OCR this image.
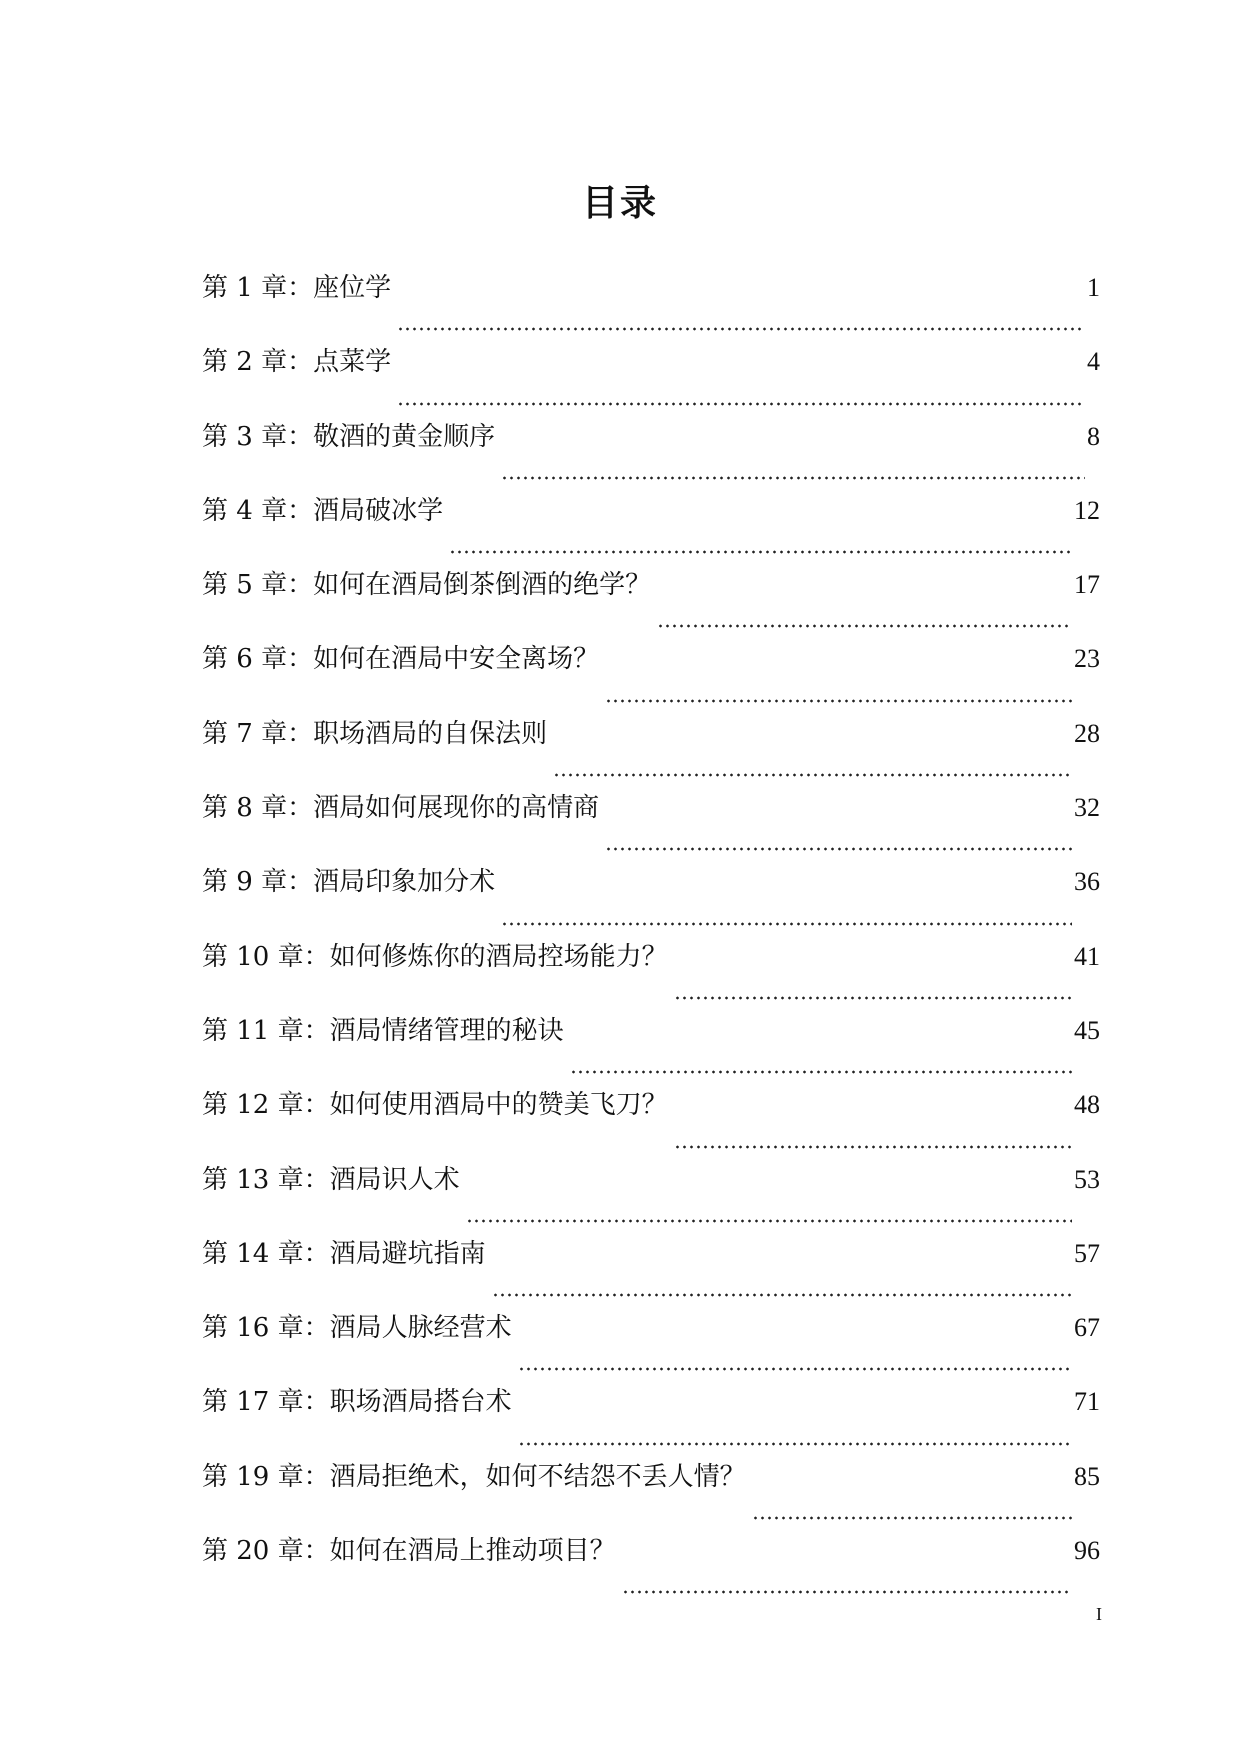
目录
第 1 章： 座位学	1
第 2 章： 点菜学	4
第 3 章： 敬酒的黄金顺序	8
第 4 章： 酒局破冰学	12
第 5 章： 如何在酒局倒茶倒酒的绝学？	17
第 6 章： 如何在酒局中安全离场？	23
第 7 章： 职场酒局的自保法则	28
第 8 章： 酒局如何展现你的高情商	32
第 9 章： 酒局印象加分术	36
第 10 章： 如何修炼你的酒局控场能力？	41
第 11 章： 酒局情绪管理的秘诀	45
第 12 章： 如何使用酒局中的赞美飞刀？	48
第 13 章： 酒局识人术	53
第 14 章： 酒局避坑指南	57
第 16 章： 酒局人脉经营术	67
第 17 章： 职场酒局搭台术	71
第 19 章： 酒局拒绝术，如何不结怨不丢人情？	85
第 20 章： 如何在酒局上推动项目？	96
I
